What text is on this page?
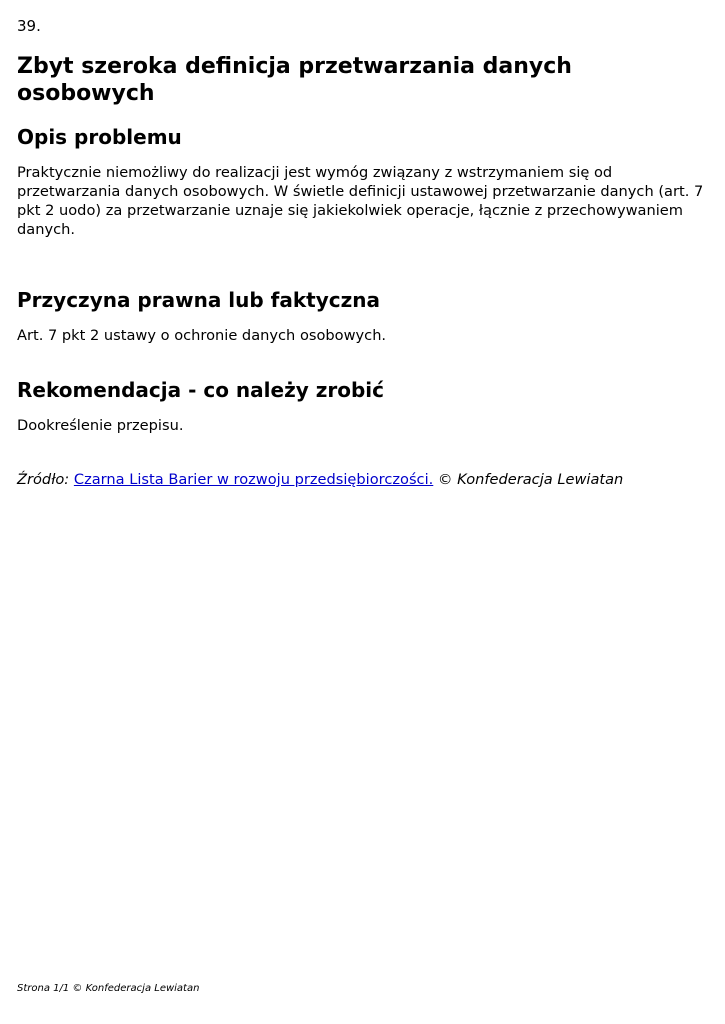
39.
Zbyt szeroka definicja przetwarzania danych osobowych
Opis problemu

Praktycznie niemożliwy do realizacji jest wymóg związany z wstrzymaniem się od przetwarzania danych osobowych. W świetle definicji ustawowej przetwarzanie danych (art. 7 pkt 2 uodo) za przetwarzanie uznaje się jakiekolwiek operacje, łącznie z przechowywaniem danych.

Przyczyna prawna lub faktyczna

Art. 7 pkt 2 ustawy o ochronie danych osobowych.

Rekomendacja - co należy zrobić

Dookreślenie przepisu.

Źródło: Czarna Lista Barier w rozwoju przedsiębiorczości. © Konfederacja Lewiatan
Strona 1/1 © Konfederacja Lewiatan
